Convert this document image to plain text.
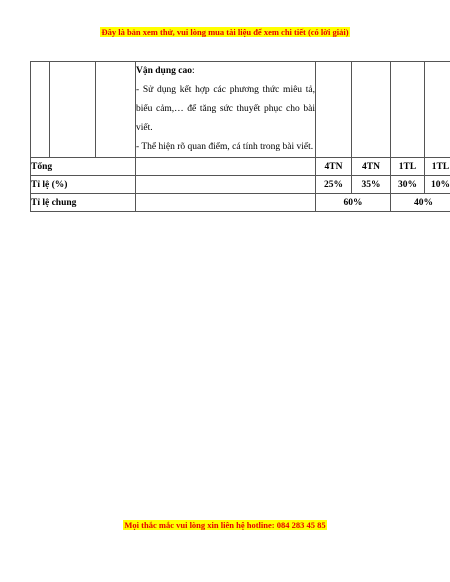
Đây là bản xem thử, vui lòng mua tài liệu để xem chi tiết (có lời giải)

			Vận dụng cao:
- Sử dụng kết hợp các phương thức miêu tả, biểu cảm,… để tăng sức thuyết phục cho bài viết.
- Thể hiện rõ quan điểm, cá tính trong bài viết.				

Tổng				4TN	4TN	1TL	1TL
Tỉ lệ (%)				25%	35%	30%	10%
Tỉ lệ chung				60%		40%	
Mọi thắc mắc vui lòng xin liên hệ hotline: 084 283 45 85
